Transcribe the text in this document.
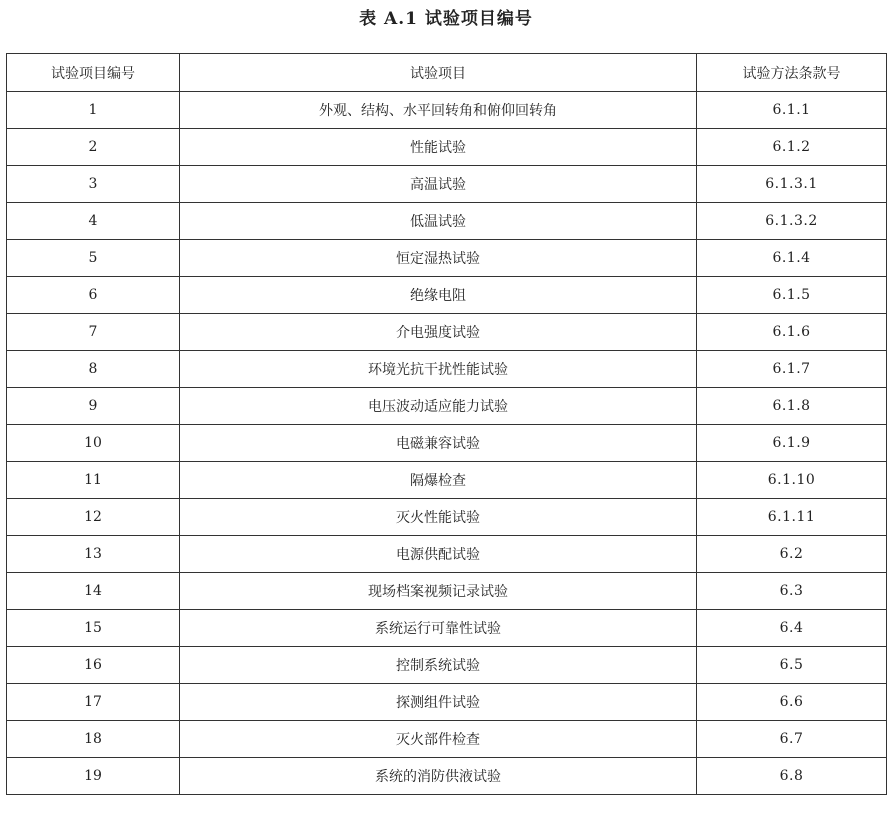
表 A.1 试验项目编号
试验项目编号	试验项目	试验方法条款号
1	外观、结构、水平回转角和俯仰回转角	6.1.1
2	性能试验	6.1.2
3	高温试验	6.1.3.1
4	低温试验	6.1.3.2
5	恒定湿热试验	6.1.4
6	绝缘电阻	6.1.5
7	介电强度试验	6.1.6
8	环境光抗干扰性能试验	6.1.7
9	电压波动适应能力试验	6.1.8
10	电磁兼容试验	6.1.9
11	隔爆检查	6.1.10
12	灭火性能试验	6.1.11
13	电源供配试验	6.2
14	现场档案视频记录试验	6.3
15	系统运行可靠性试验	6.4
16	控制系统试验	6.5
17	探测组件试验	6.6
18	灭火部件检查	6.7
19	系统的消防供液试验	6.8
